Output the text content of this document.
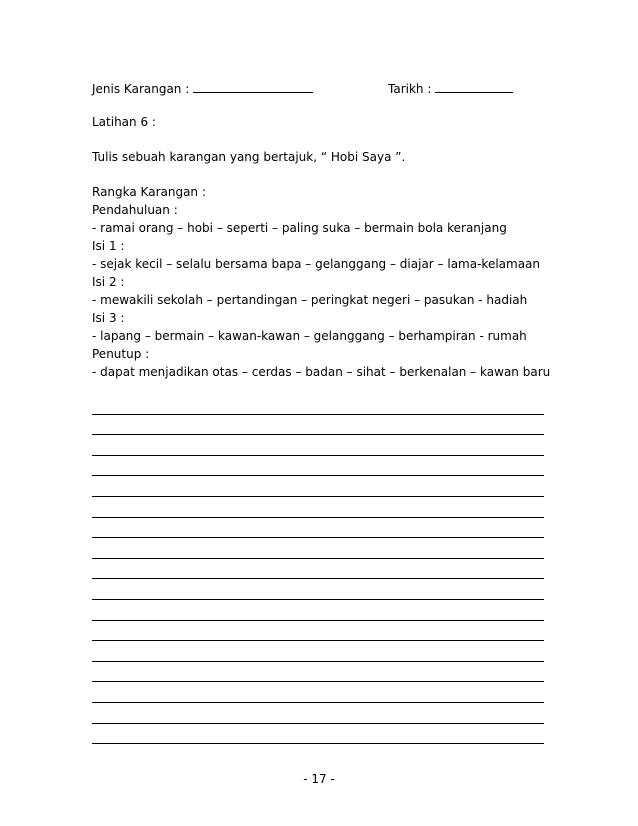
Jenis Karangan :	Tarikh :
Latihan 6 :
Tulis sebuah karangan yang bertajuk, “ Hobi Saya ”.
Rangka Karangan :
Pendahuluan :
- ramai orang – hobi – seperti – paling suka – bermain bola keranjang
Isi 1 :
- sejak kecil – selalu bersama bapa – gelanggang – diajar – lama-kelamaan
Isi 2 :
- mewakili sekolah – pertandingan – peringkat negeri – pasukan - hadiah
Isi 3 :
- lapang – bermain – kawan-kawan – gelanggang – berhampiran - rumah
Penutup :
- dapat menjadikan otas – cerdas – badan – sihat – berkenalan – kawan baru
- 17 -
